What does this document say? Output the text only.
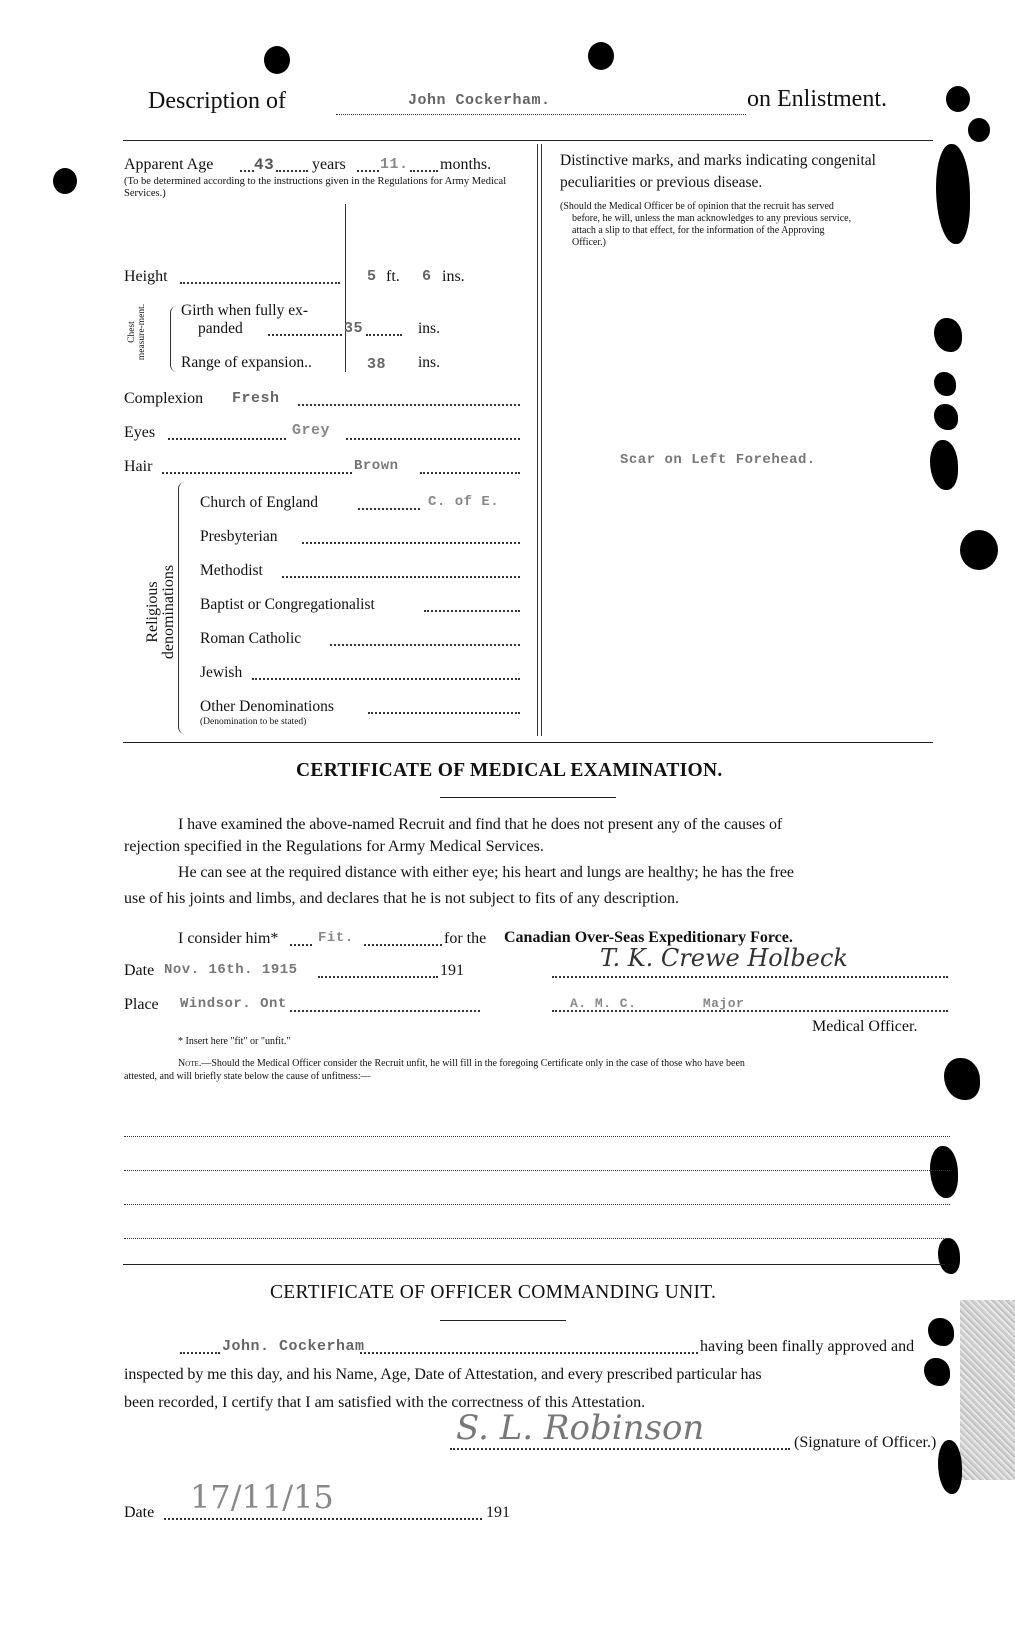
Description of	John Cockerham.	on Enlistment.
Apparent Age	43 years 11. months.
(To be determined according to the instructions given in the Regulations for Army Medical Services.)
Height	5 ft. 6 ins.
Chest measure-ment. Girth when fully ex-
panded	35	ins.
Range of expansion..	38 ins.
Complexion Fresh
Eyes	Grey
Hair	Brown
Religious denominations
Church of England	C. of E.
Presbyterian
Methodist
Baptist or Congregationalist
Roman Catholic
Jewish
Other Denominations
(Denomination to be stated)
Distinctive marks, and marks indicating congenital
peculiarities or previous disease.
(Should the Medical Officer be of opinion that the recruit has served
before, he will, unless the man acknowledges to any previous service,
attach a slip to that effect, for the information of the Approving
Officer.)
Scar on Left Forehead.
CERTIFICATE OF MEDICAL EXAMINATION.
I have examined the above-named Recruit and find that he does not present any of the causes of
rejection specified in the Regulations for Army Medical Services.
He can see at the required distance with either eye; his heart and lungs are healthy; he has the free
use of his joints and limbs, and declares that he is not subject to fits of any description.
I consider him*	Fit.	for the Canadian Over-Seas Expeditionary Force.
Date Nov. 16th. 1915	191	T. K. Crewe Holbeck
Place Windsor. Ont	A. M. C.        Major
Medical Officer.
* Insert here "fit" or "unfit."
Note.—Should the Medical Officer consider the Recruit unfit, he will fill in the foregoing Certificate only in the case of those who have been
attested, and will briefly state below the cause of unfitness:—
CERTIFICATE OF OFFICER COMMANDING UNIT.
John. Cockerham	having been finally approved and
inspected by me this day, and his Name, Age, Date of Attestation, and every prescribed particular has
been recorded, I certify that I am satisfied with the correctness of this Attestation.
S. L. Robinson	(Signature of Officer.)
Date 17/11/15	191
